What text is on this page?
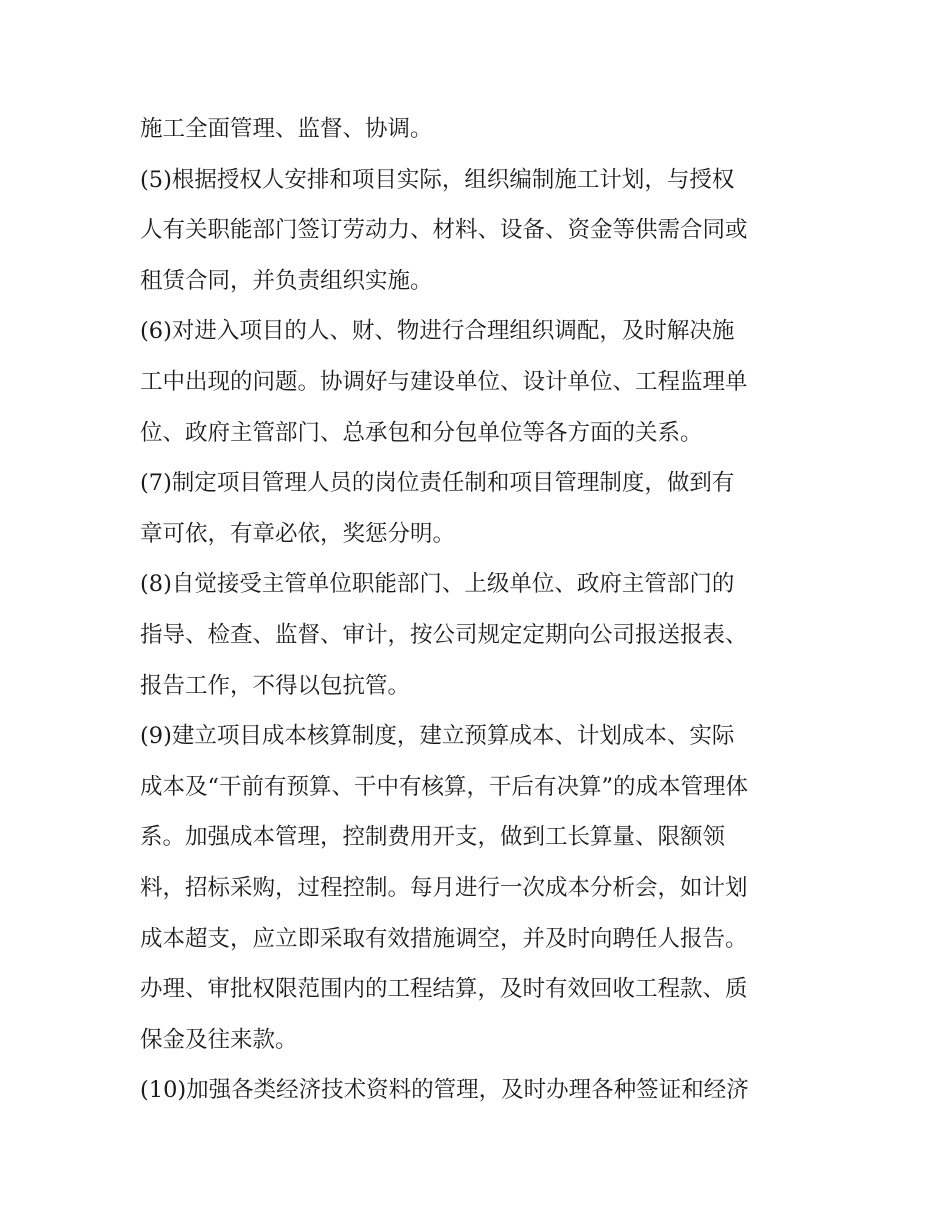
施工全面管理、监督、协调。
(5)根据授权人安排和项目实际，组织编制施工计划，与授权
人有关职能部门签订劳动力、材料、设备、资金等供需合同或
租赁合同，并负责组织实施。
(6)对进入项目的人、财、物进行合理组织调配，及时解决施
工中出现的问题。协调好与建设单位、设计单位、工程监理单
位、政府主管部门、总承包和分包单位等各方面的关系。
(7)制定项目管理人员的岗位责任制和项目管理制度，做到有
章可依，有章必依，奖惩分明。
(8)自觉接受主管单位职能部门、上级单位、政府主管部门的
指导、检查、监督、审计，按公司规定定期向公司报送报表、
报告工作，不得以包抗管。
(9)建立项目成本核算制度，建立预算成本、计划成本、实际
成本及“干前有预算、干中有核算，干后有决算”的成本管理体
系。加强成本管理，控制费用开支，做到工长算量、限额领
料，招标采购，过程控制。每月进行一次成本分析会，如计划
成本超支，应立即采取有效措施调空，并及时向聘任人报告。
办理、审批权限范围内的工程结算，及时有效回收工程款、质
保金及往来款。
(10)加强各类经济技术资料的管理，及时办理各种签证和经济
